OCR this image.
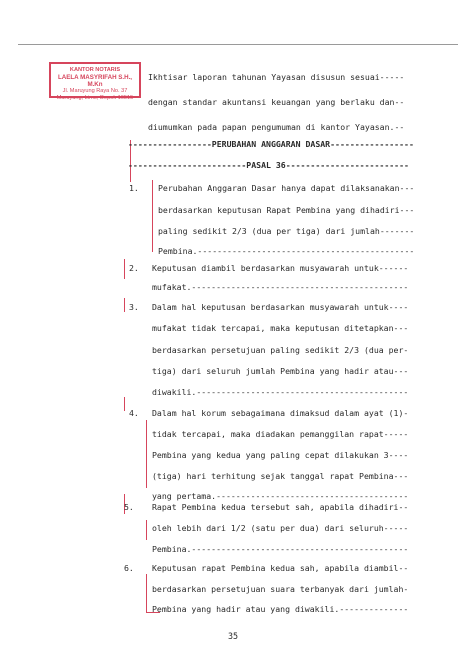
KANTOR NOTARIS
LAELA MASYRIFAH S.H., M.Kn
Jl. Maruyung Raya No. 37
Maruyung, Limo, Depok 16515
Ikhtisar laporan tahunan Yayasan disusun sesuai-----
dengan standar akuntansi keuangan yang berlaku dan--
diumumkan pada papan pengumuman di kantor Yayasan.--
-----------------PERUBAHAN ANGGARAN DASAR-----------------
------------------------PASAL 36-------------------------
1. Perubahan Anggaran Dasar hanya dapat dilaksanakan---
berdasarkan keputusan Rapat Pembina yang dihadiri---
paling sedikit 2/3 (dua per tiga) dari jumlah-------
Pembina.--------------------------------------------
2. Keputusan diambil berdasarkan musyawarah untuk------
mufakat.--------------------------------------------
3. Dalam hal keputusan berdasarkan musyawarah untuk----
mufakat tidak tercapai, maka keputusan ditetapkan---
berdasarkan persetujuan paling sedikit 2/3 (dua per-
tiga) dari seluruh jumlah Pembina yang hadir atau---
diwakili.-------------------------------------------
4. Dalam hal korum sebagaimana dimaksud dalam ayat (1)-
tidak tercapai, maka diadakan pemanggilan rapat-----
Pembina yang kedua yang paling cepat dilakukan 3----
(tiga) hari terhitung sejak tanggal rapat Pembina---
yang pertama.---------------------------------------
5. Rapat Pembina kedua tersebut sah, apabila dihadiri--
oleh lebih dari 1/2 (satu per dua) dari seluruh-----
Pembina.--------------------------------------------
6. Keputusan rapat Pembina kedua sah, apabila diambil--
berdasarkan persetujuan suara terbanyak dari jumlah-
Pembina yang hadir atau yang diwakili.--------------
35
